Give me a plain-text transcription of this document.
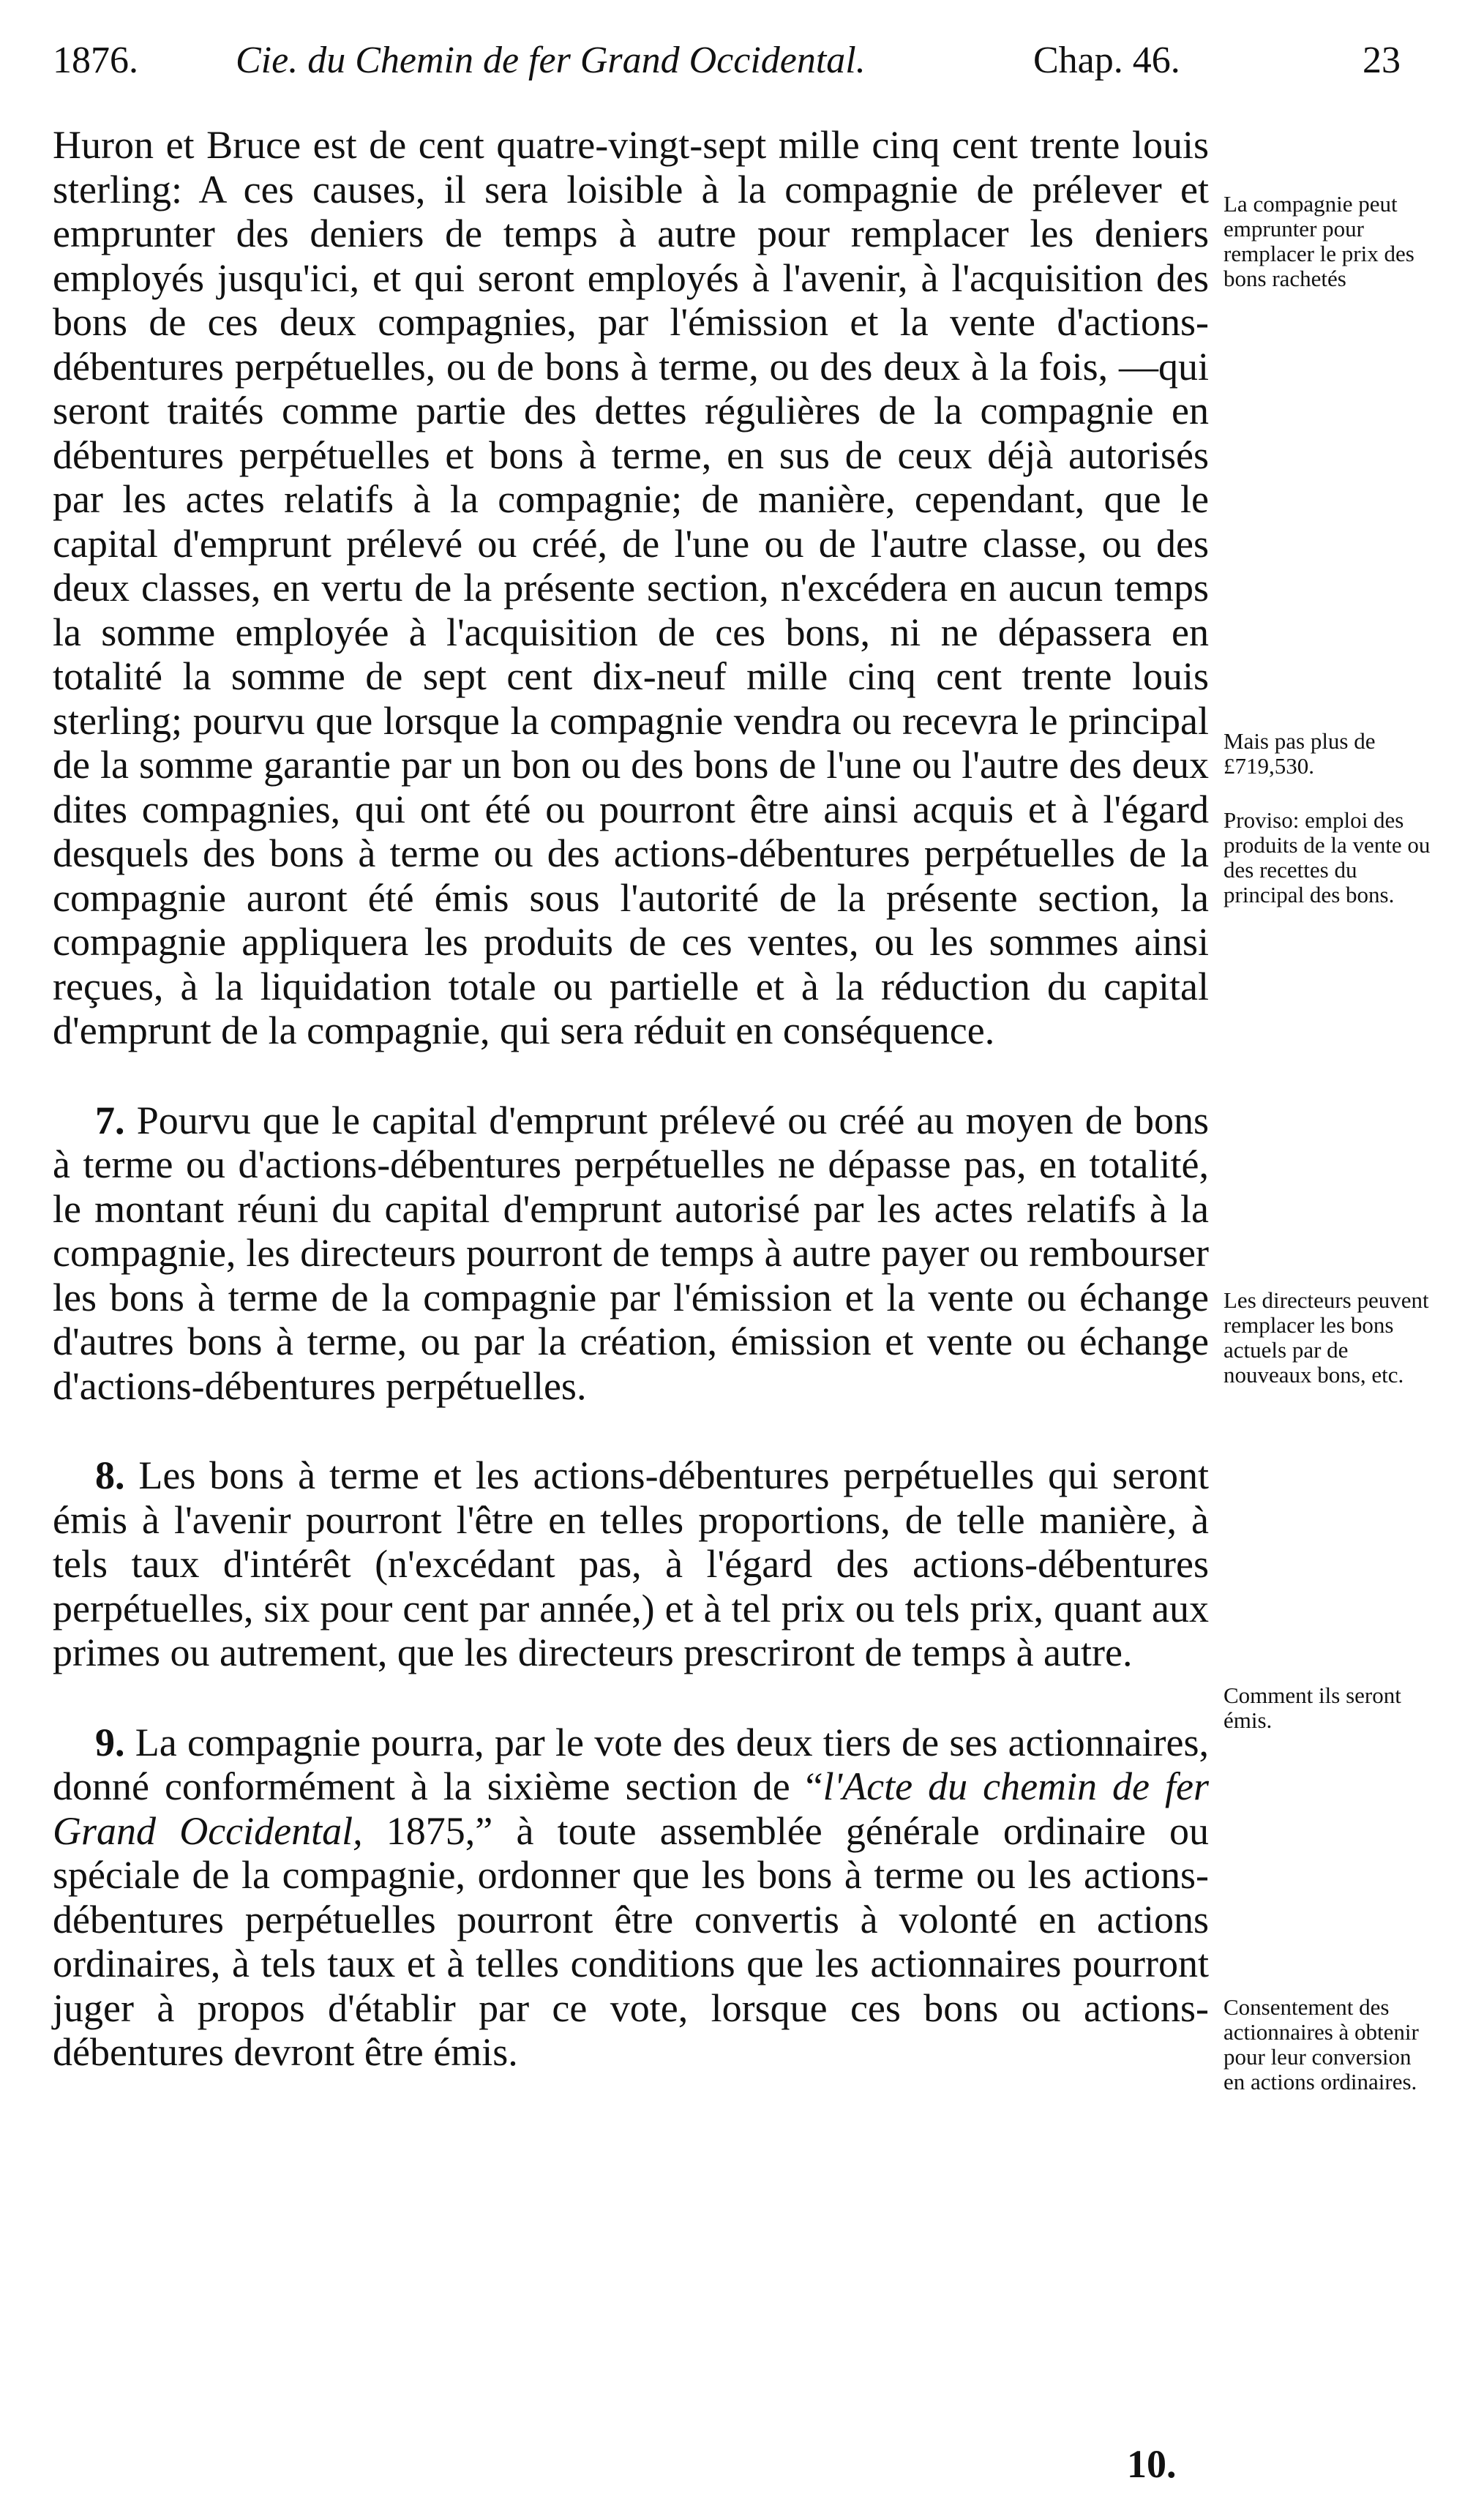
1876.	Cie. du Chemin de fer Grand Occidental.	Chap. 46.	23

Huron et Bruce est de cent quatre-vingt-sept mille cinq cent trente louis sterling: A ces causes, il sera loisible à la compagnie de prélever et emprunter des deniers de temps à autre pour remplacer les deniers employés jusqu'ici, et qui seront employés à l'avenir, à l'acquisition des bons de ces deux compagnies, par l'émission et la vente d'actions-débentures perpétuelles, ou de bons à terme, ou des deux à la fois, —qui seront traités comme partie des dettes régulières de la compagnie en débentures perpétuelles et bons à terme, en sus de ceux déjà autorisés par les actes relatifs à la compagnie; de manière, cependant, que le capital d'emprunt prélevé ou créé, de l'une ou de l'autre classe, ou des deux classes, en vertu de la présente section, n'excédera en aucun temps la somme employée à l'acquisition de ces bons, ni ne dépassera en totalité la somme de sept cent dix-neuf mille cinq cent trente louis sterling; pourvu que lorsque la compagnie vendra ou recevra le principal de la somme garantie par un bon ou des bons de l'une ou l'autre des deux dites compagnies, qui ont été ou pourront être ainsi acquis et à l'égard desquels des bons à terme ou des actions-débentures perpétuelles de la compagnie auront été émis sous l'autorité de la présente section, la compagnie appliquera les produits de ces ventes, ou les sommes ainsi reçues, à la liquidation totale ou partielle et à la réduction du capital d'emprunt de la compagnie, qui sera réduit en conséquence.

7. Pourvu que le capital d'emprunt prélevé ou créé au moyen de bons à terme ou d'actions-débentures perpétuelles ne dépasse pas, en totalité, le montant réuni du capital d'emprunt autorisé par les actes relatifs à la compagnie, les directeurs pourront de temps à autre payer ou rembourser les bons à terme de la compagnie par l'émission et la vente ou échange d'autres bons à terme, ou par la création, émission et vente ou échange d'actions-débentures perpétuelles.

8. Les bons à terme et les actions-débentures perpétuelles qui seront émis à l'avenir pourront l'être en telles proportions, de telle manière, à tels taux d'intérêt (n'excédant pas, à l'égard des actions-débentures perpétuelles, six pour cent par année,) et à tel prix ou tels prix, quant aux primes ou autrement, que les directeurs prescriront de temps à autre.

9. La compagnie pourra, par le vote des deux tiers de ses actionnaires, donné conformément à la sixième section de “l'Acte du chemin de fer Grand Occidental, 1875,” à toute assemblée générale ordinaire ou spéciale de la compagnie, ordonner que les bons à terme ou les actions-débentures perpétuelles pourront être convertis à volonté en actions ordinaires, à tels taux et à telles conditions que les actionnaires pourront juger à propos d'établir par ce vote, lorsque ces bons ou actions-débentures devront être émis.

La compagnie peut emprunter pour remplacer le prix des bons rachetés
Mais pas plus de £719,530.
Proviso: emploi des produits de la vente ou des recettes du principal des bons.
Les directeurs peuvent remplacer les bons actuels par de nouveaux bons, etc.
Comment ils seront émis.
Consentement des actionnaires à obtenir pour leur conversion en actions ordinaires.
10.
